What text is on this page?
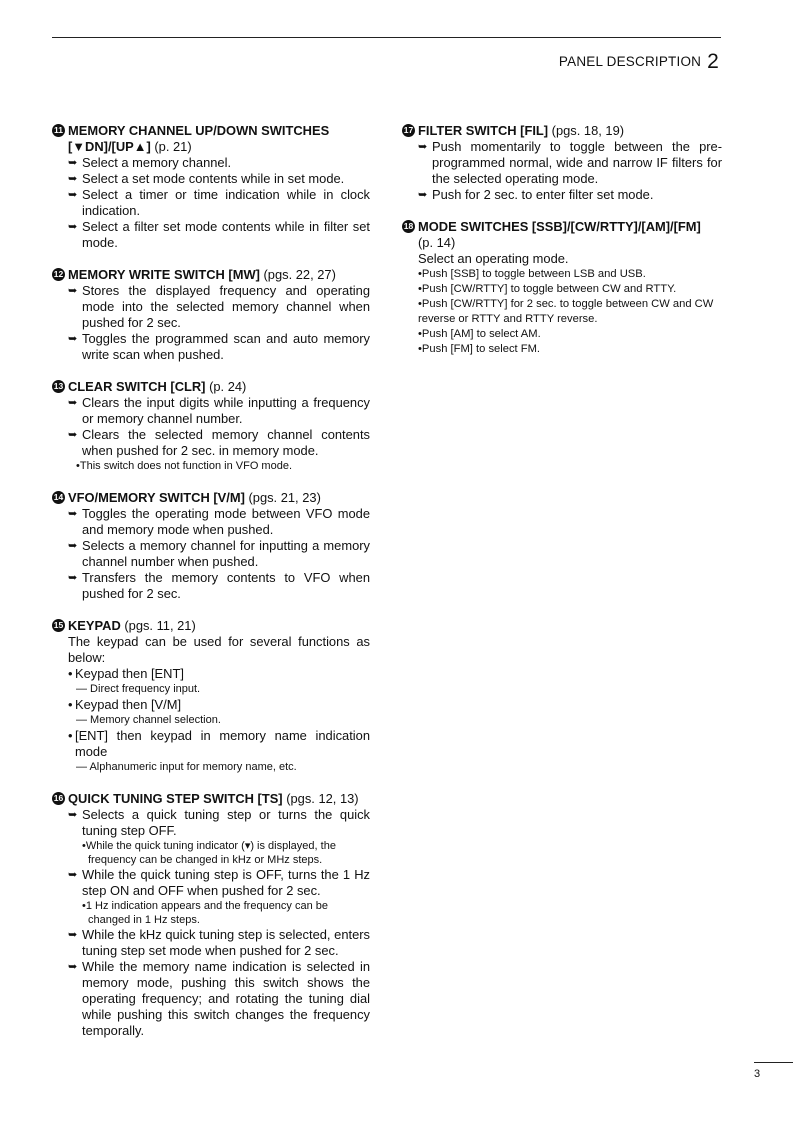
PANEL DESCRIPTION 2
11 MEMORY CHANNEL UP/DOWN SWITCHES
[▼DN]/[UP▲] (p. 21)
➥ Select a memory channel.
➥ Select a set mode contents while in set mode.
➥ Select a timer or time indication while in clock indication.
➥ Select a filter set mode contents while in filter set mode.
12 MEMORY WRITE SWITCH [MW] (pgs. 22, 27)
➥ Stores the displayed frequency and operating mode into the selected memory channel when pushed for 2 sec.
➥ Toggles the programmed scan and auto memory write scan when pushed.
13 CLEAR SWITCH [CLR] (p. 24)
➥ Clears the input digits while inputting a frequency or memory channel number.
➥ Clears the selected memory channel contents when pushed for 2 sec. in memory mode.
•This switch does not function in VFO mode.
14 VFO/MEMORY SWITCH [V/M] (pgs. 21, 23)
➥ Toggles the operating mode between VFO mode and memory mode when pushed.
➥ Selects a memory channel for inputting a memory channel number when pushed.
➥ Transfers the memory contents to VFO when pushed for 2 sec.
15 KEYPAD (pgs. 11, 21)
The keypad can be used for several functions as below:
• Keypad then [ENT]
— Direct frequency input.
• Keypad then [V/M]
— Memory channel selection.
• [ENT] then keypad in memory name indication mode
— Alphanumeric input for memory name, etc.
16 QUICK TUNING STEP SWITCH [TS] (pgs. 12, 13)
➥ Selects a quick tuning step or turns the quick tuning step OFF.
•While the quick tuning indicator (▾) is displayed, the frequency can be changed in kHz or MHz steps.
➥ While the quick tuning step is OFF, turns the 1 Hz step ON and OFF when pushed for 2 sec.
•1 Hz indication appears and the frequency can be changed in 1 Hz steps.
➥ While the kHz quick tuning step is selected, enters tuning step set mode when pushed for 2 sec.
➥ While the memory name indication is selected in memory mode, pushing this switch shows the operating frequency; and rotating the tuning dial while pushing this switch changes the frequency temporally.
17 FILTER SWITCH [FIL] (pgs. 18, 19)
➥ Push momentarily to toggle between the pre-programmed normal, wide and narrow IF filters for the selected operating mode.
➥ Push for 2 sec. to enter filter set mode.
18 MODE SWITCHES [SSB]/[CW/RTTY]/[AM]/[FM]
(p. 14)
Select an operating mode.
•Push [SSB] to toggle between LSB and USB.
•Push [CW/RTTY] to toggle between CW and RTTY.
•Push [CW/RTTY] for 2 sec. to toggle between CW and CW reverse or RTTY and RTTY reverse.
•Push [AM] to select AM.
•Push [FM] to select FM.
3
